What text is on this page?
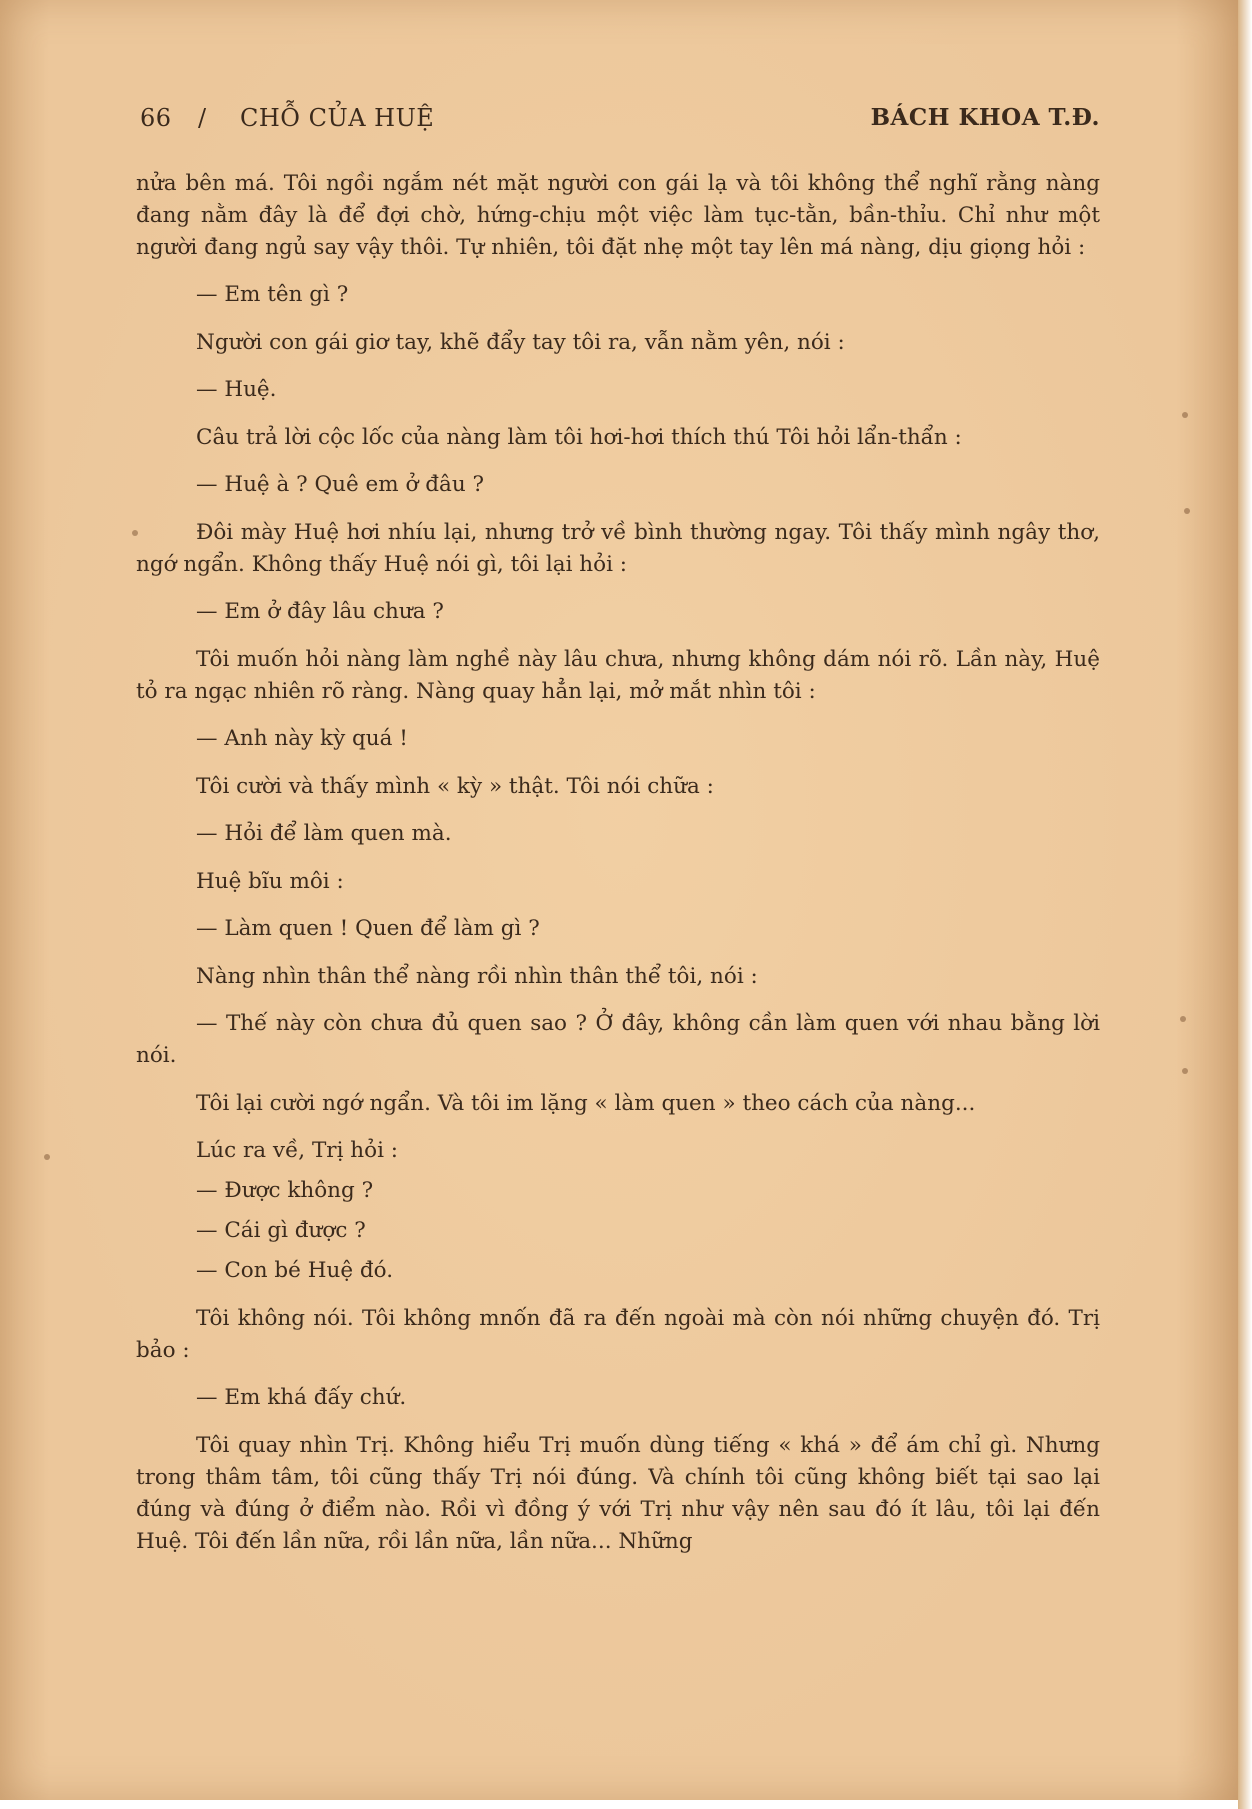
66 / CHỖ CỦA HUỆ	BÁCH KHOA T.Đ.

nửa bên má. Tôi ngồi ngắm nét mặt người con gái lạ và tôi không thể nghĩ rằng nàng đang nằm đây là để đợi chờ, hứng-chịu một việc làm tục-tằn, bần-thỉu. Chỉ như một người đang ngủ say vậy thôi. Tự nhiên, tôi đặt nhẹ một tay lên má nàng, dịu giọng hỏi :

— Em tên gì ?

Người con gái giơ tay, khẽ đẩy tay tôi ra, vẫn nằm yên, nói :

— Huệ.

Câu trả lời cộc lốc của nàng làm tôi hơi-hơi thích thú Tôi hỏi lẩn-thẩn :

— Huệ à ? Quê em ở đâu ?

Đôi mày Huệ hơi nhíu lại, nhưng trở về bình thường ngay. Tôi thấy mình ngây thơ, ngớ ngẩn. Không thấy Huệ nói gì, tôi lại hỏi :

— Em ở đây lâu chưa ?

Tôi muốn hỏi nàng làm nghề này lâu chưa, nhưng không dám nói rõ. Lần này, Huệ tỏ ra ngạc nhiên rõ ràng. Nàng quay hẳn lại, mở mắt nhìn tôi :

— Anh này kỳ quá !

Tôi cười và thấy mình « kỳ » thật. Tôi nói chữa :

— Hỏi để làm quen mà.

Huệ bĩu môi :

— Làm quen ! Quen để làm gì ?

Nàng nhìn thân thể nàng rồi nhìn thân thể tôi, nói :

— Thế này còn chưa đủ quen sao ? Ở đây, không cần làm quen với nhau bằng lời nói.

Tôi lại cười ngớ ngẩn. Và tôi im lặng « làm quen » theo cách của nàng...

Lúc ra về, Trị hỏi :

— Được không ?

— Cái gì được ?

— Con bé Huệ đó.

Tôi không nói. Tôi không mnốn đã ra đến ngoài mà còn nói những chuyện đó. Trị bảo :

— Em khá đấy chứ.

Tôi quay nhìn Trị. Không hiểu Trị muốn dùng tiếng « khá » để ám chỉ gì. Nhưng trong thâm tâm, tôi cũng thấy Trị nói đúng. Và chính tôi cũng không biết tại sao lại đúng và đúng ở điểm nào. Rồi vì đồng ý với Trị như vậy nên sau đó ít lâu, tôi lại đến Huệ. Tôi đến lần nữa, rồi lần nữa, lần nữa... Những
